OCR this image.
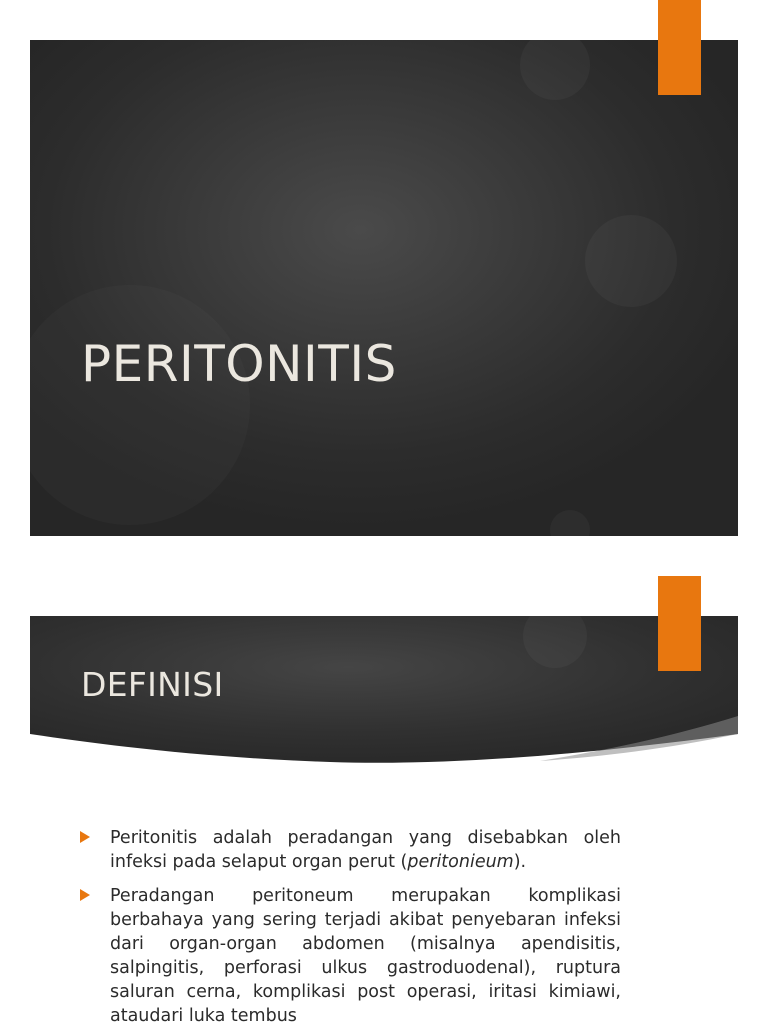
PERITONITIS
DEFINISI
Peritonitis adalah peradangan yang disebabkan oleh infeksi pada selaput organ perut (peritonieum).
Peradangan peritoneum merupakan komplikasi berbahaya yang sering terjadi akibat penyebaran infeksi dari organ-organ abdomen (misalnya apendisitis, salpingitis, perforasi ulkus gastroduodenal), ruptura saluran cerna, komplikasi post operasi, iritasi kimiawi, ataudari luka tembus
